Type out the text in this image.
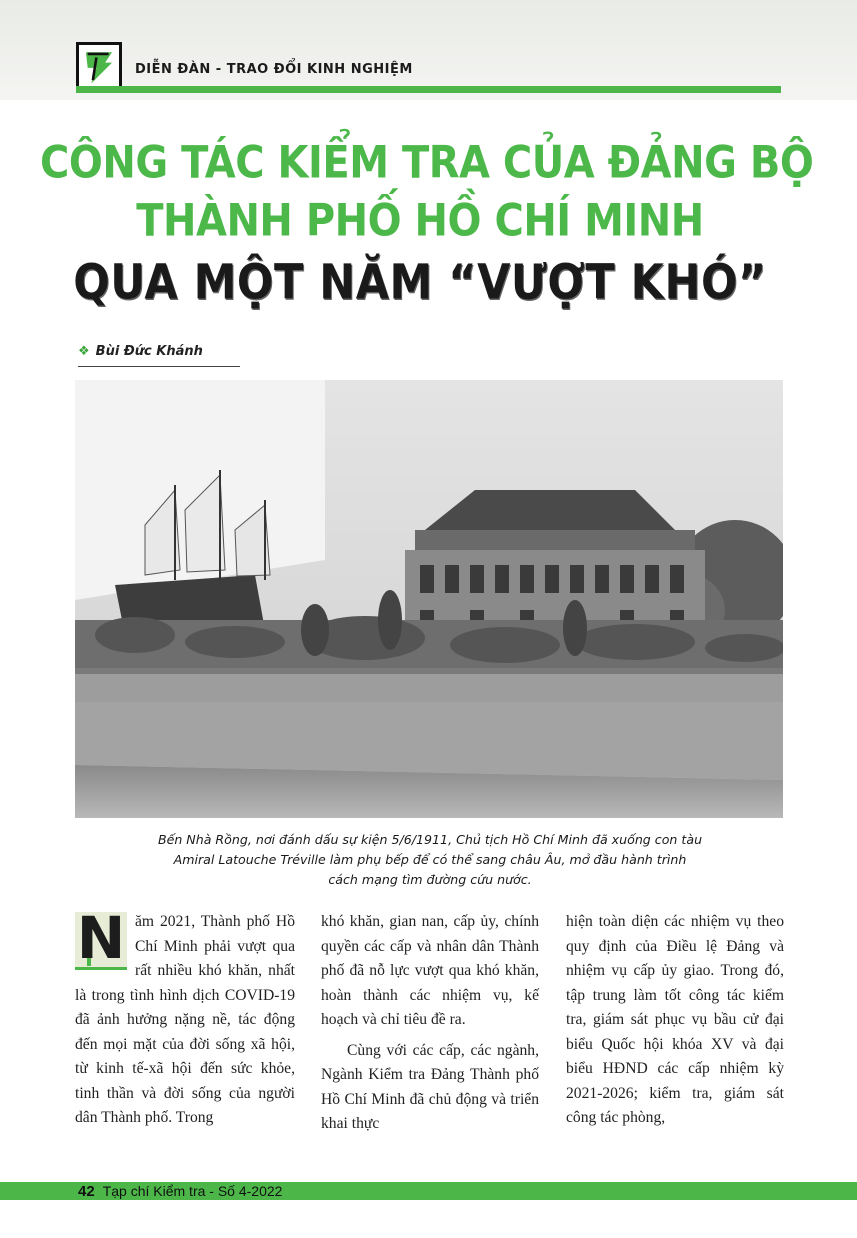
DIỄN ĐÀN - TRAO ĐỔI KINH NGHIỆM
CÔNG TÁC KIỂM TRA CỦA ĐẢNG BỘ
THÀNH PHỐ HỒ CHÍ MINH
QUA MỘT NĂM “VƯỢT KHÓ”
❖ Bùi Đức Khánh
Bến Nhà Rồng, nơi đánh dấu sự kiện 5/6/1911, Chủ tịch Hồ Chí Minh đã xuống con tàu
Amiral Latouche Tréville làm phụ bếp để có thể sang châu Âu, mở đầu hành trình
cách mạng tìm đường cứu nước.
N ăm 2021, Thành phố Hồ Chí Minh phải vượt qua rất nhiều khó khăn, nhất là trong tình hình dịch COVID-19 đã ảnh hưởng nặng nề, tác động đến mọi mặt của đời sống xã hội, từ kinh tế-xã hội đến sức khỏe, tinh thần và đời sống của người dân Thành phố. Trong

khó khăn, gian nan, cấp ủy, chính quyền các cấp và nhân dân Thành phố đã nỗ lực vượt qua khó khăn, hoàn thành các nhiệm vụ, kế hoạch và chỉ tiêu đề ra.

Cùng với các cấp, các ngành, Ngành Kiểm tra Đảng Thành phố Hồ Chí Minh đã chủ động và triển khai thực

hiện toàn diện các nhiệm vụ theo quy định của Điều lệ Đảng và nhiệm vụ cấp ủy giao. Trong đó, tập trung làm tốt công tác kiểm tra, giám sát phục vụ bầu cử đại biểu Quốc hội khóa XV và đại biểu HĐND các cấp nhiệm kỳ 2021-2026; kiểm tra, giám sát công tác phòng,

42 Tạp chí Kiểm tra - Số 4-2022
